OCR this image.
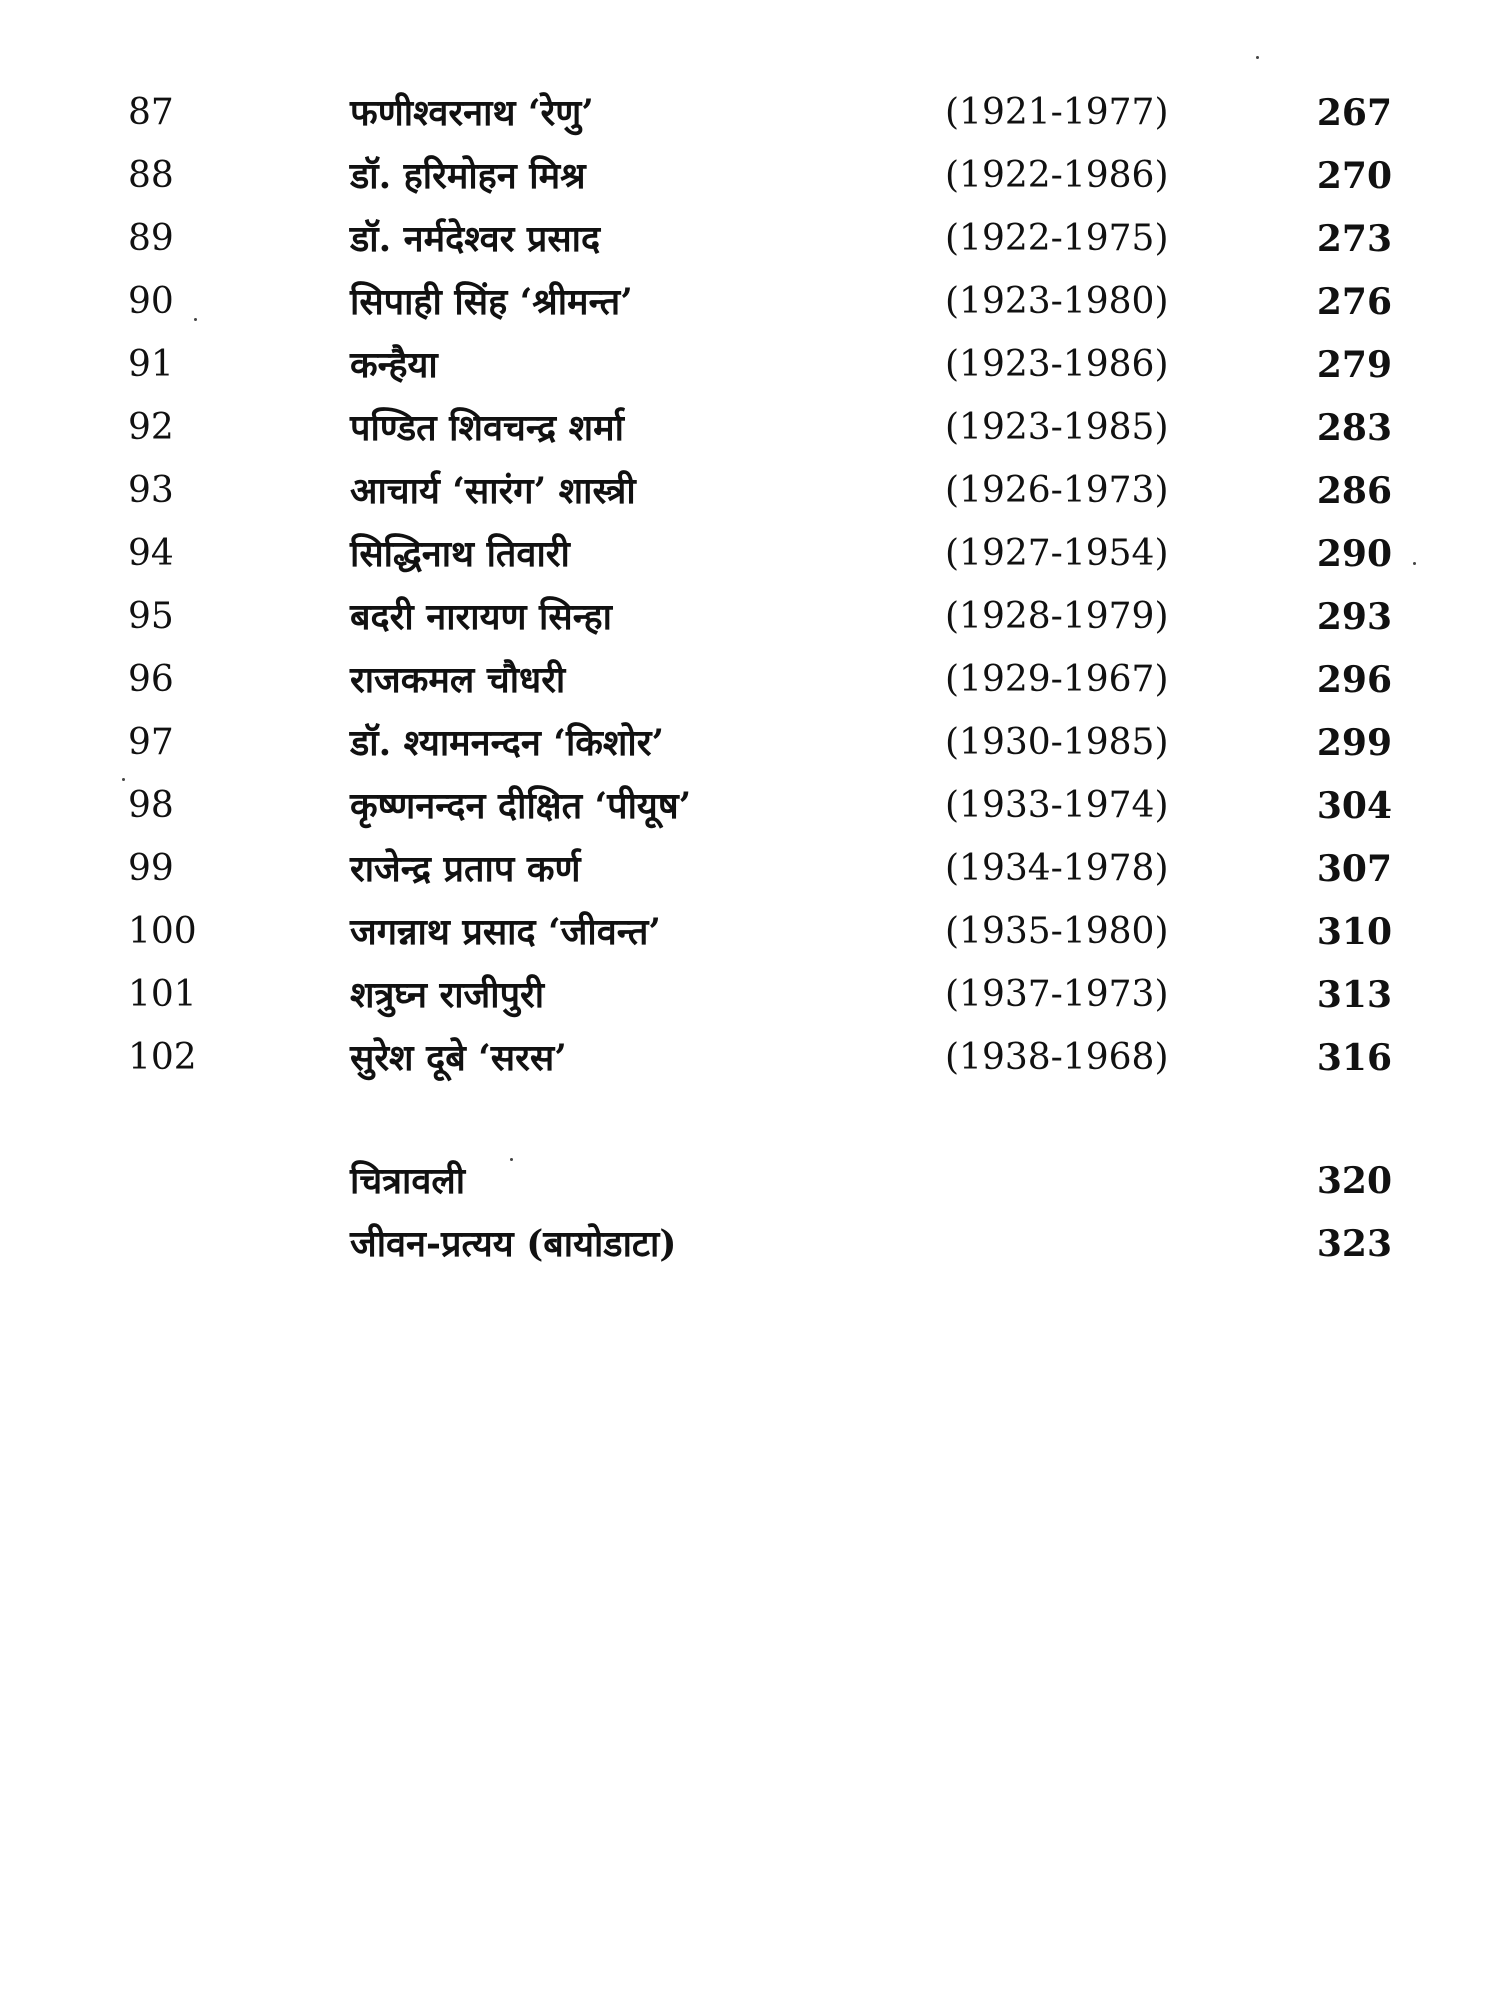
87	फणीश्वरनाथ ‘रेणु’	(1921-1977)	267
88	डॉ. हरिमोहन मिश्र	(1922-1986)	270
89	डॉ. नर्मदेश्वर प्रसाद	(1922-1975)	273
90	सिपाही सिंह ‘श्रीमन्त’	(1923-1980)	276
91	कन्हैया	(1923-1986)	279
92	पण्डित शिवचन्द्र शर्मा	(1923-1985)	283
93	आचार्य ‘सारंग’ शास्त्री	(1926-1973)	286
94	सिद्धिनाथ तिवारी	(1927-1954)	290
95	बदरी नारायण सिन्हा	(1928-1979)	293
96	राजकमल चौधरी	(1929-1967)	296
97	डॉ. श्यामनन्दन ‘किशोर’	(1930-1985)	299
98	कृष्णनन्दन दीक्षित ‘पीयूष’	(1933-1974)	304
99	राजेन्द्र प्रताप कर्ण	(1934-1978)	307
100	जगन्नाथ प्रसाद ‘जीवन्त’	(1935-1980)	310
101	शत्रुघ्न राजीपुरी	(1937-1973)	313
102	सुरेश दूबे ‘सरस’	(1938-1968)	316
चित्रावली	320
जीवन-प्रत्यय (बायोडाटा)	323
